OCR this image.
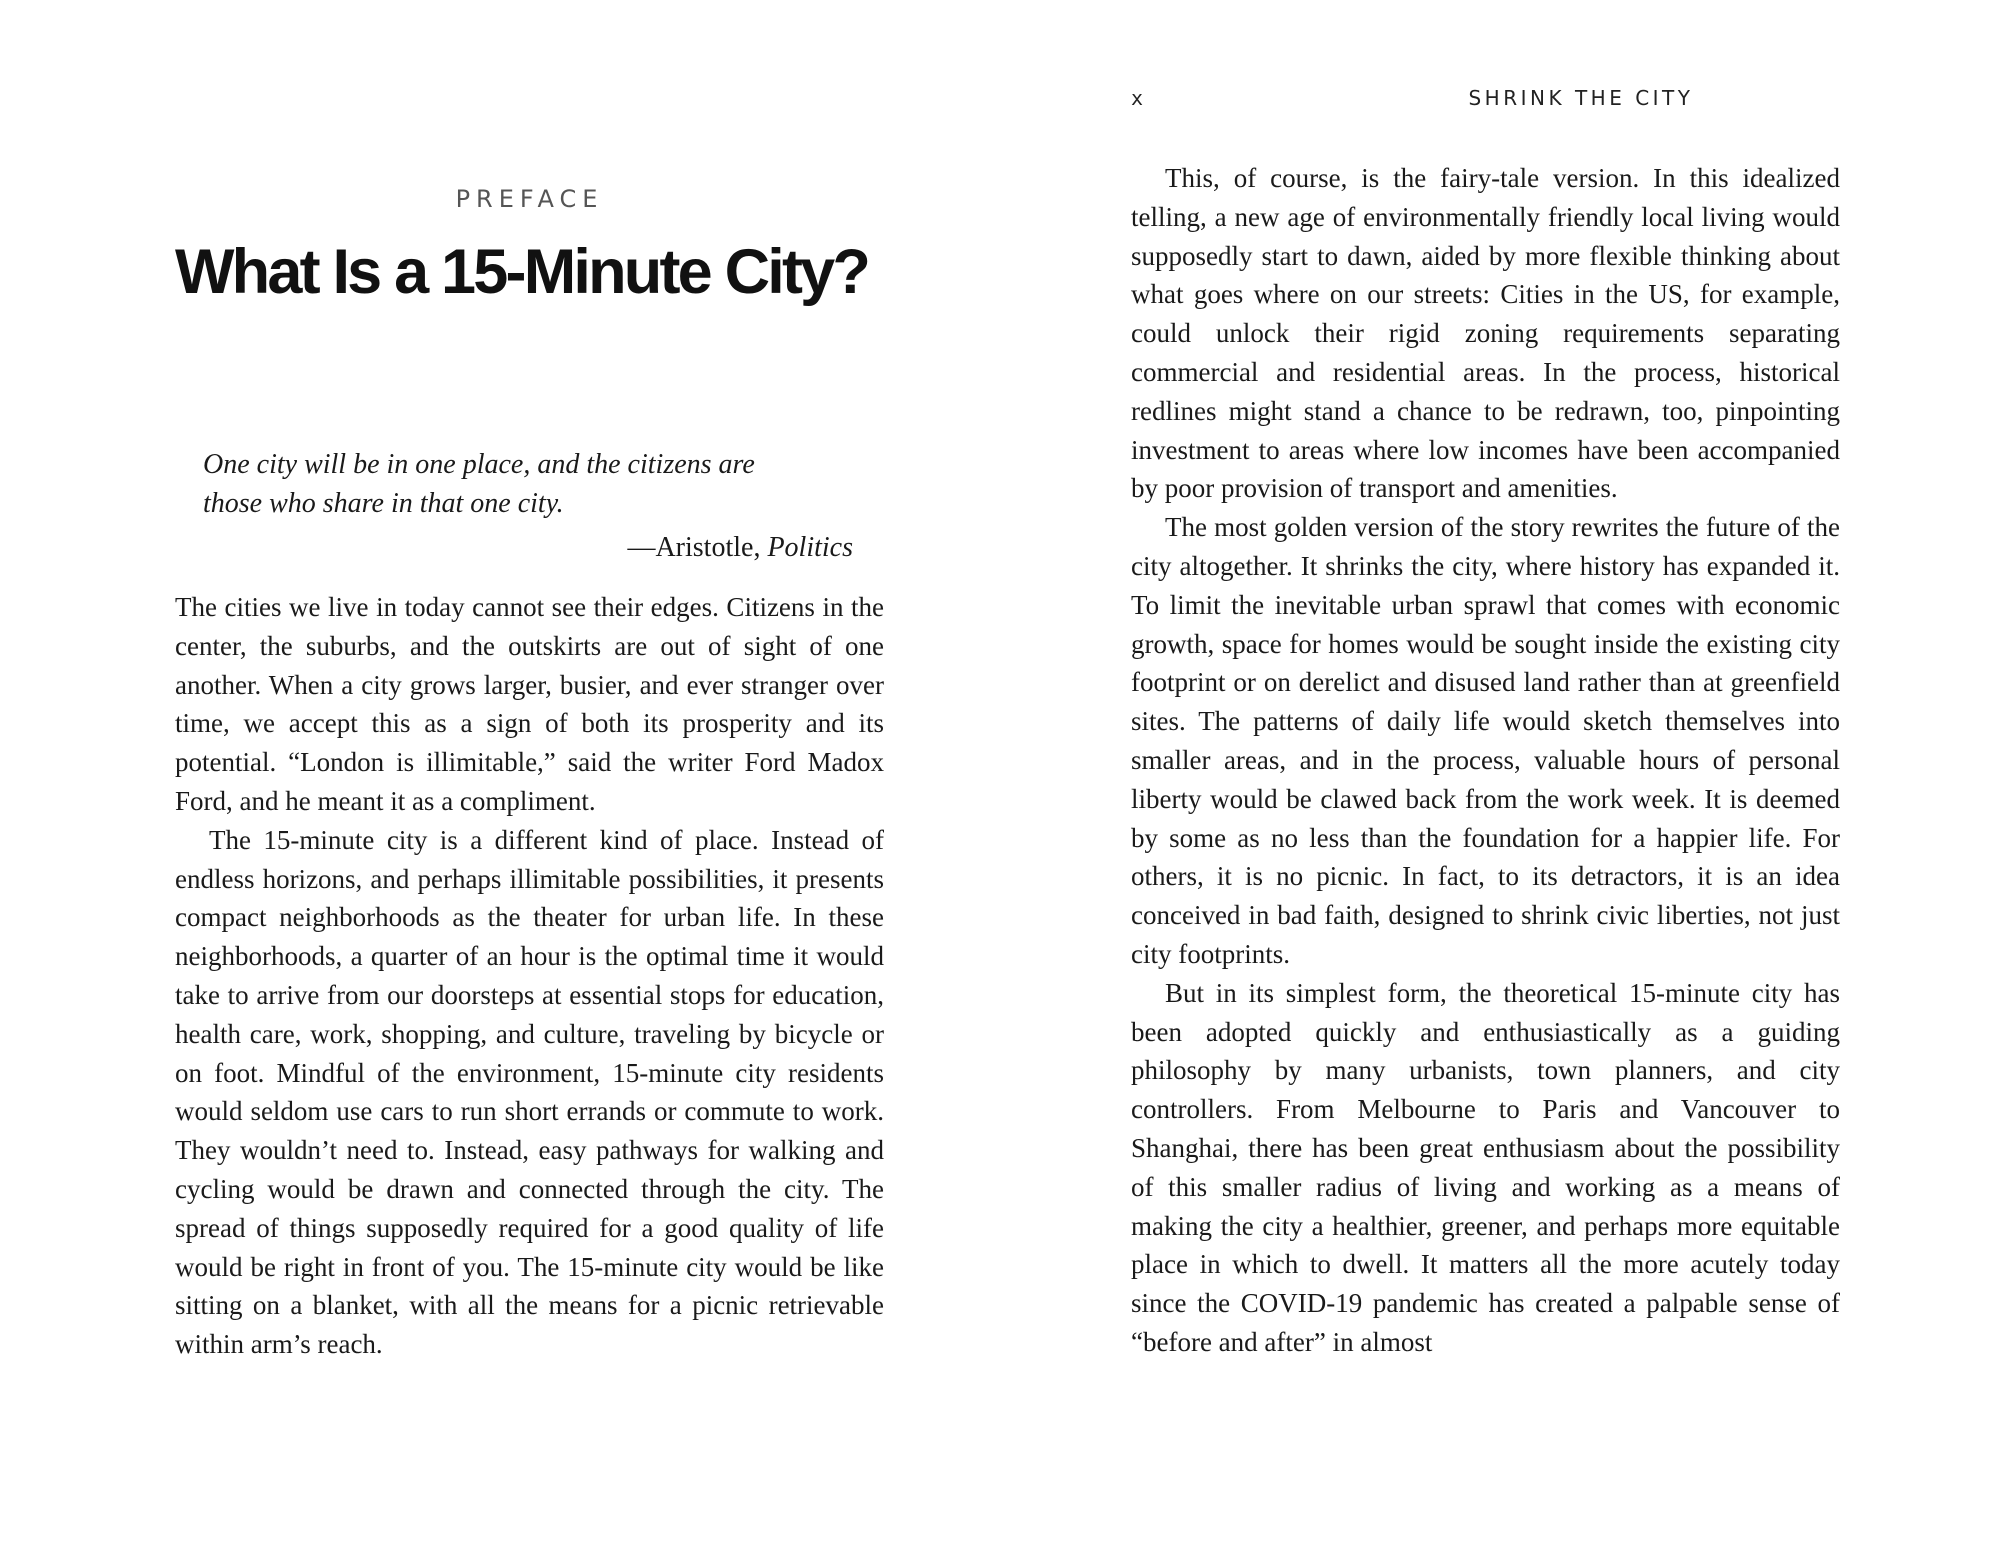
PREFACE
What Is a 15-Minute City?
One city will be in one place, and the citizens are
those who share in that one city.
—Aristotle, Politics

The cities we live in today cannot see their edges. Citizens in the center, the suburbs, and the outskirts are out of sight of one another. When a city grows larger, busier, and ever stranger over time, we accept this as a sign of both its prosperity and its potential. “London is illimitable,” said the writer Ford Madox Ford, and he meant it as a compliment.

The 15-minute city is a different kind of place. Instead of endless horizons, and perhaps illimitable possibilities, it presents compact neighborhoods as the theater for urban life. In these neighborhoods, a quarter of an hour is the optimal time it would take to arrive from our doorsteps at essential stops for education, health care, work, shopping, and culture, traveling by bicycle or on foot. Mindful of the environment, 15-minute city residents would seldom use cars to run short errands or commute to work. They wouldn’t need to. Instead, easy pathways for walking and cycling would be drawn and connected through the city. The spread of things supposedly required for a good quality of life would be right in front of you. The 15-minute city would be like sitting on a blanket, with all the means for a picnic retrievable within arm’s reach.

x	SHRINK THE CITY

This, of course, is the fairy-tale version. In this idealized telling, a new age of environmentally friendly local living would supposedly start to dawn, aided by more flexible thinking about what goes where on our streets: Cities in the US, for example, could unlock their rigid zoning requirements separating commercial and residential areas. In the process, historical redlines might stand a chance to be redrawn, too, pinpointing investment to areas where low incomes have been accompanied by poor provision of transport and amenities.

The most golden version of the story rewrites the future of the city altogether. It shrinks the city, where history has expanded it. To limit the inevitable urban sprawl that comes with economic growth, space for homes would be sought inside the existing city footprint or on derelict and disused land rather than at greenfield sites. The patterns of daily life would sketch themselves into smaller areas, and in the process, valuable hours of personal liberty would be clawed back from the work week. It is deemed by some as no less than the foundation for a happier life. For others, it is no picnic. In fact, to its detractors, it is an idea conceived in bad faith, designed to shrink civic liberties, not just city footprints.

But in its simplest form, the theoretical 15-minute city has been adopted quickly and enthusiastically as a guiding philosophy by many urbanists, town planners, and city controllers. From Melbourne to Paris and Vancouver to Shanghai, there has been great enthusiasm about the possibility of this smaller radius of living and working as a means of making the city a healthier, greener, and perhaps more equitable place in which to dwell. It matters all the more acutely today since the COVID-19 pandemic has created a palpable sense of “before and after” in almost
